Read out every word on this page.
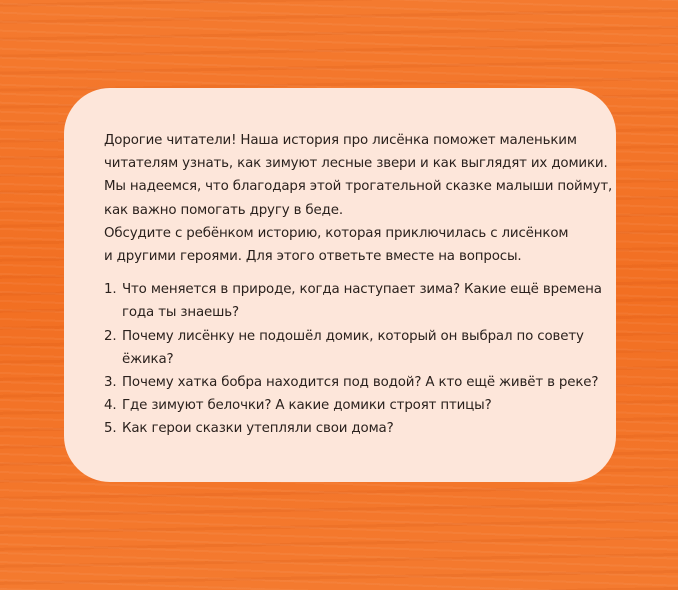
Дорогие читатели! Наша история про лисёнка поможет маленьким
читателям узнать, как зимуют лесные звери и как выглядят их домики.
Мы надеемся, что благодаря этой трогательной сказке малыши поймут,
как важно помогать другу в беде.
Обсудите с ребёнком историю, которая приключилась с лисёнком
и другими героями. Для этого ответьте вместе на вопросы.

1. Что меняется в природе, когда наступает зима? Какие ещё времена
года ты знаешь?
2. Почему лисёнку не подошёл домик, который он выбрал по совету
ёжика?
3. Почему хатка бобра находится под водой? А кто ещё живёт в реке?
4. Где зимуют белочки? А какие домики строят птицы?
5. Как герои сказки утепляли свои дома?
